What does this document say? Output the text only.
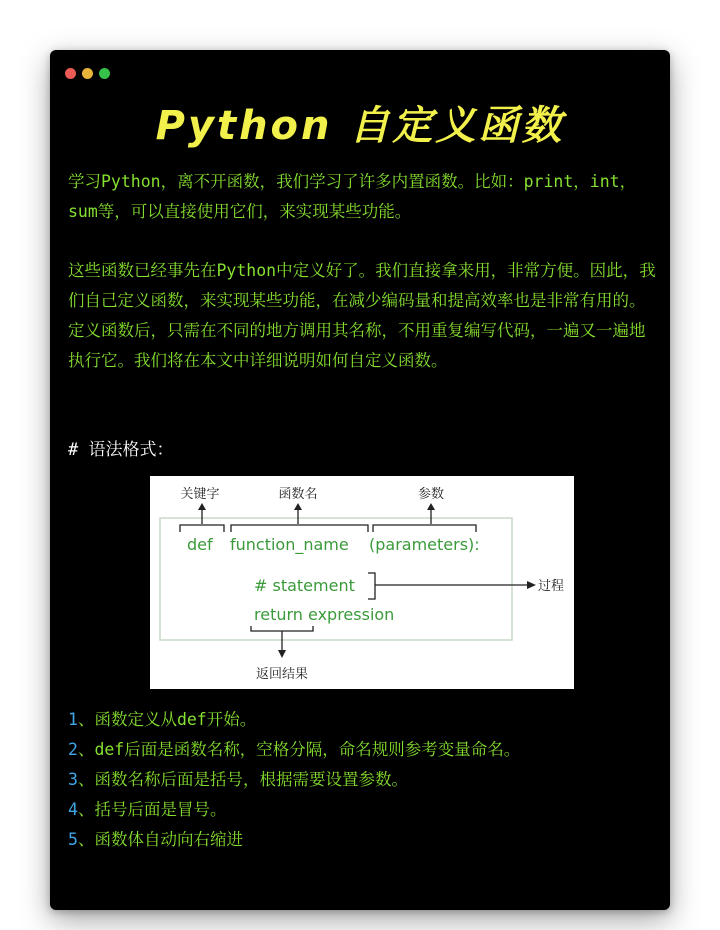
Python 自定义函数

学习Python，离不开函数，我们学习了许多内置函数。比如：print，int，sum等，可以直接使用它们，来实现某些功能。

这些函数已经事先在Python中定义好了。我们直接拿来用，非常方便。因此，我们自己定义函数，来实现某些功能，在减少编码量和提高效率也是非常有用的。定义函数后，只需在不同的地方调用其名称，不用重复编写代码，一遍又一遍地执行它。我们将在本文中详细说明如何自定义函数。

# 语法格式：
关键字	函数名	参数
def function_name (parameters):
# statement
return expression
过程
返回结果
1、函数定义从def开始。
2、def后面是函数名称，空格分隔，命名规则参考变量命名。
3、函数名称后面是括号，根据需要设置参数。
4、括号后面是冒号。
5、函数体自动向右缩进
